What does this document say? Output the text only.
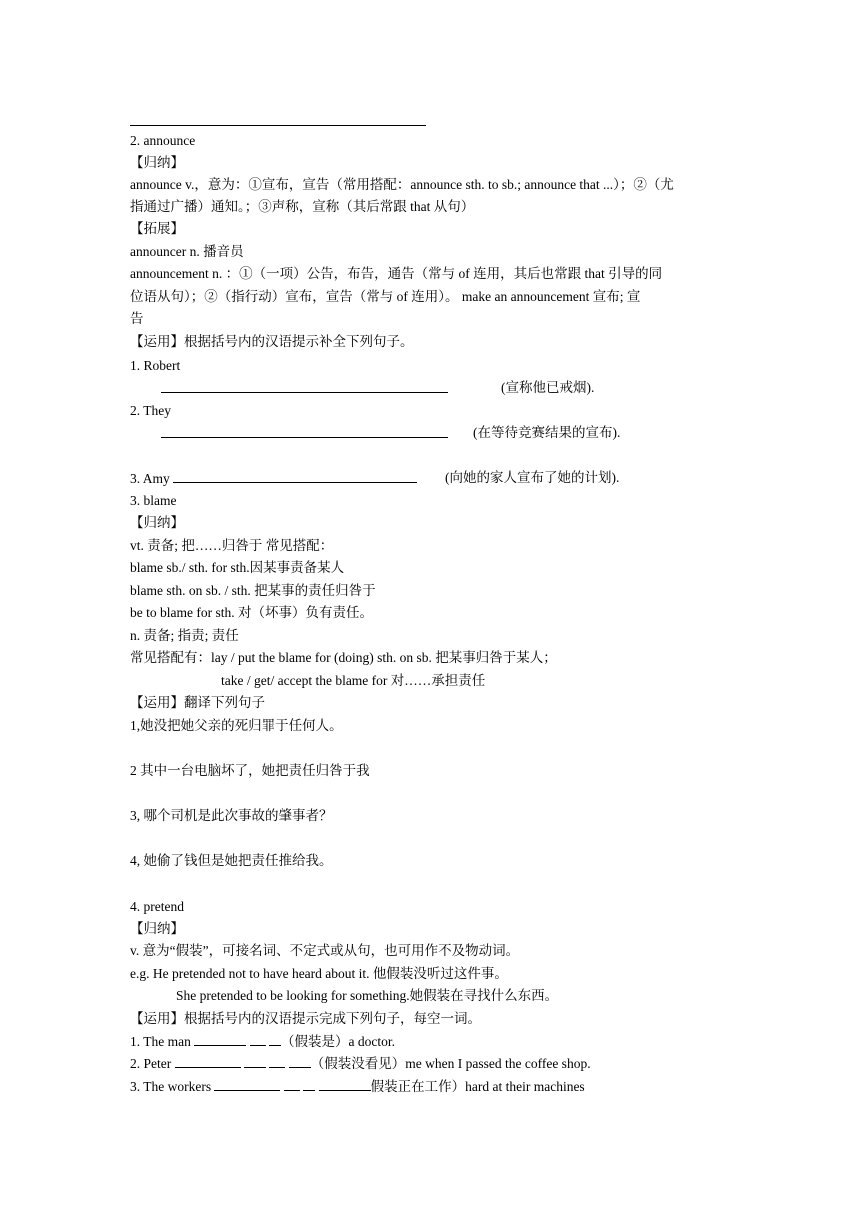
2. announce
【归纳】
announce v.，意为：①宣布，宣告（常用搭配：announce sth. to sb.; announce that ...）；②（尤
指通过广播）通知。；③声称，宣称（其后常跟 that 从句）
【拓展】
announcer n. 播音员
announcement n. ：①（一项）公告，布告，通告（常与 of 连用，其后也常跟 that 引导的同
位语从句）；②（指行动）宣布，宣告（常与 of 连用）。 make an announcement 宣布; 宣
告
【运用】根据括号内的汉语提示补全下列句子。
1. Robert
(宣称他已戒烟).
2. They
(在等待竞赛结果的宣布).
3. Amy	(向她的家人宣布了她的计划).
3. blame
【归纳】
vt. 责备; 把……归咎于 常见搭配：
blame sb./ sth. for sth.因某事责备某人
blame sth. on sb. / sth. 把某事的责任归咎于
be to blame for sth. 对（坏事）负有责任。
n. 责备; 指责; 责任
常见搭配有：lay / put the blame for (doing) sth. on sb. 把某事归咎于某人；
take / get/ accept the blame for 对……承担责任
【运用】翻译下列句子
1,她没把她父亲的死归罪于任何人。
2 其中一台电脑坏了，她把责任归咎于我
3, 哪个司机是此次事故的肇事者？
4, 她偷了钱但是她把责任推给我。
4. pretend
【归纳】
v. 意为“假装”，可接名词、不定式或从句，也可用作不及物动词。
e.g. He pretended not to have heard about it. 他假装没听过这件事。
She pretended to be looking for something.她假装在寻找什么东西。
【运用】根据括号内的汉语提示完成下列句子，每空一词。
1. The man	（假装是）a doctor.
2. Peter	（假装没看见）me when I passed the coffee shop.
3. The workers	假装正在工作）hard at their machines
